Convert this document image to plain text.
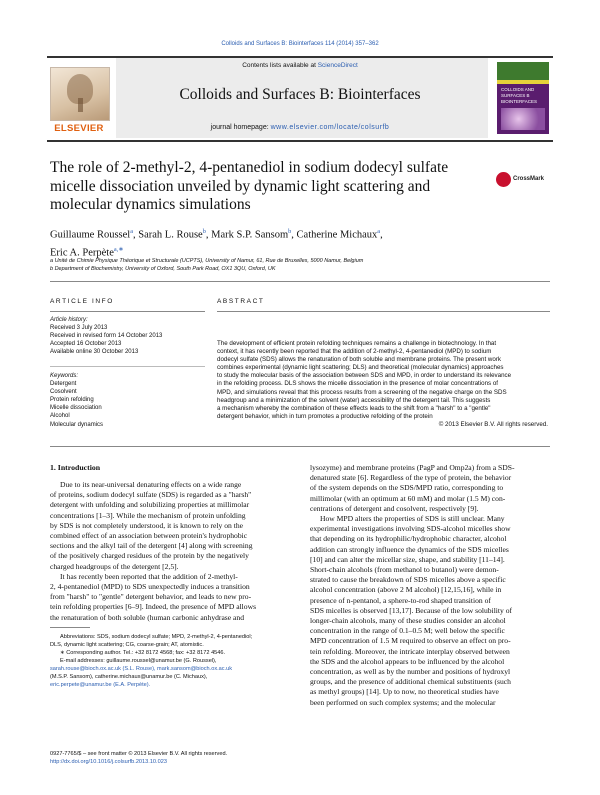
Colloids and Surfaces B: Biointerfaces 114 (2014) 357–362
ELSEVIER
Contents lists available at ScienceDirect
Colloids and Surfaces B: Biointerfaces
journal homepage: www.elsevier.com/locate/colsurfb
COLLOIDS AND SURFACES B BIOINTERFACES
The role of 2-methyl-2, 4-pentanediol in sodium dodecyl sulfate
micelle dissociation unveiled by dynamic light scattering and
molecular dynamics simulations
CrossMark
Guillaume Roussel$^a$, Sarah L. Rouse$^b$, Mark S.P. Sansom$^b$, Catherine Michaux$^a$,
Eric A. Perpète$^{a,∗}$
a Unité de Chimie Physique Théorique et Structurale (UCPTS), University of Namur, 61, Rue de Bruxelles, 5000 Namur, Belgium
b Department of Biochemistry, University of Oxford, South Park Road, OX1 3QU, Oxford, UK
ARTICLE INFO	ABSTRACT
Article history:
Received 3 July 2013
Received in revised form 14 October 2013
Accepted 16 October 2013
Available online 30 October 2013
Keywords:
Detergent
Cosolvent
Protein refolding
Micelle dissociation
Alcohol
Molecular dynamics
The development of efficient protein refolding techniques remains a challenge in biotechnology. In that
context, it has recently been reported that the addition of 2-methyl-2, 4-pentanediol (MPD) to sodium
dodecyl sulfate (SDS) allows the renaturation of both soluble and membrane proteins. The present work
combines experimental (dynamic light scattering; DLS) and theoretical (molecular dynamics) approaches
to study the molecular basis of the association between SDS and MPD, in order to understand its relevance
in the refolding process. DLS shows the micelle dissociation in the presence of molar concentrations of
MPD, and simulations reveal that this process results from a screening of the negative charge on the SDS
headgroup and a minimization of the solvent (water) accessibility of the detergent tail. This suggests
a mechanism whereby the combination of these effects leads to the shift from a "harsh" to a "gentle"
detergent behavior, which in turn promotes a productive refolding of the protein
© 2013 Elsevier B.V. All rights reserved.
1. Introduction
Due to its near-universal denaturing effects on a wide range
of proteins, sodium dodecyl sulfate (SDS) is regarded as a "harsh"
detergent with unfolding and solubilizing properties at millimolar
concentrations [1–3]. While the mechanism of protein unfolding
by SDS is not completely understood, it is known to rely on the
combined effect of an association between protein's hydrophobic
sections and the alkyl tail of the detergent [4] along with screening
of the positively charged residues of the protein by the negatively
charged headgroups of the detergent [2,5].
It has recently been reported that the addition of 2-methyl-
2, 4-pentanediol (MPD) to SDS unexpectedly induces a transition
from "harsh" to "gentle" detergent behavior, and leads to new pro-
tein refolding properties [6–9]. Indeed, the presence of MPD allows
the renaturation of both soluble (human carbonic anhydrase and
Abbreviations: SDS, sodium dodecyl sulfate; MPD, 2-methyl-2, 4-pentanediol;
DLS, dynamic light scattering; CG, coarse-grain; AT, atomistic.
∗ Corresponding author. Tel.: +32 8172 4568; fax: +32 8172 4546.
E-mail addresses: guillaume.roussel@unamur.be (G. Roussel),
sarah.rouse@bioch.ox.ac.uk (S.L. Rouse), mark.sansom@bioch.ox.ac.uk
(M.S.P. Sansom), catherine.michaux@unamur.be (C. Michaux),
eric.perpete@unamur.be (E.A. Perpète).
0927-7765/$ – see front matter © 2013 Elsevier B.V. All rights reserved.
http://dx.doi.org/10.1016/j.colsurfb.2013.10.023
lysozyme) and membrane proteins (PagP and Omp2a) from a SDS-
denatured state [6]. Regardless of the type of protein, the behavior
of the system depends on the SDS/MPD ratio, corresponding to
millimolar (with an optimum at 60 mM) and molar (1.5 M) con-
centrations of detergent and cosolvent, respectively [9].
How MPD alters the properties of SDS is still unclear. Many
experimental investigations involving SDS-alcohol micelles show
that depending on its hydrophilic/hydrophobic character, alcohol
addition can strongly influence the dynamics of the SDS micelles
[10] and can alter the micellar size, shape, and stability [11–14].
Short-chain alcohols (from methanol to butanol) were demon-
strated to cause the breakdown of SDS micelles above a specific
alcohol concentration (above 2 M alcohol) [12,15,16], while in
presence of n-pentanol, a sphere-to-rod shaped transition of
SDS micelles is observed [13,17]. Because of the low solubility of
longer-chain alcohols, many of these studies consider an alcohol
concentration in the range of 0.1–0.5 M; well below the specific
MPD concentration of 1.5 M required to observe an effect on pro-
tein refolding. Moreover, the intricate interplay observed between
the SDS and the alcohol appears to be influenced by the alcohol
concentration, as well as by the number and positions of hydroxyl
groups, and the presence of additional chemical substituents (such
as methyl groups) [14]. Up to now, no theoretical studies have
been performed on such complex systems; and the molecular
